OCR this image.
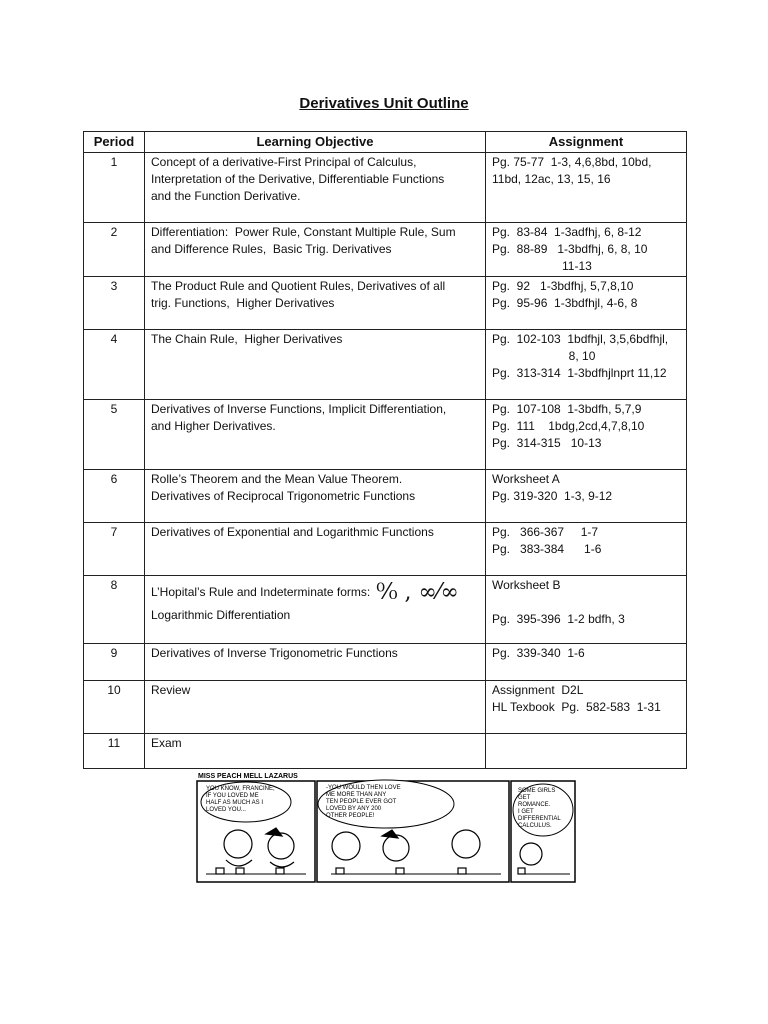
Derivatives Unit Outline
Period	Learning Objective	Assignment
1	Concept of a derivative-First Principal of Calculus,
Interpretation of the Derivative, Differentiable Functions
and the Function Derivative.	Pg. 75-77  1-3, 4,6,8bd, 10bd,
11bd, 12ac, 13, 15, 16

2	Differentiation:  Power Rule, Constant Multiple Rule, Sum
and Difference Rules,  Basic Trig. Derivatives	Pg.  83-84  1-3adfhj, 6, 8-12
Pg.  88-89   1-3bdfhj, 6, 8, 10
11-13

3	The Product Rule and Quotient Rules, Derivatives of all
trig. Functions,  Higher Derivatives	Pg.  92   1-3bdfhj, 5,7,8,10
Pg.  95-96  1-3bdfhjl, 4-6, 8

4	The Chain Rule,  Higher Derivatives	Pg.  102-103  1bdfhjl, 3,5,6bdfhjl,
8, 10
Pg.  313-314  1-3bdfhjlnprt 11,12

5	Derivatives of Inverse Functions, Implicit Differentiation,
and Higher Derivatives.	Pg.  107-108  1-3bdfh, 5,7,9
Pg.  111    1bdg,2cd,4,7,8,10
Pg.  314-315   10-13

6	Rolle’s Theorem and the Mean Value Theorem.
Derivatives of Reciprocal Trigonometric Functions	Worksheet A
Pg. 319-320  1-3, 9-12

7	Derivatives of Exponential and Logarithmic Functions	Pg.   366-367     1-7
Pg.   383-384      1-6

8	L’Hopital’s Rule and Indeterminate forms: ⁰⁄₀ , ∞⁄∞

Logarithmic Differentiation	Worksheet B
Pg.  395-396  1-2 bdfh, 3

9	Derivatives of Inverse Trigonometric Functions	Pg.  339-340  1-6

10	Review	Assignment  D2L
HL Texbook  Pg.  582-583  1-31

11	Exam	

MISS PEACH MELL LAZARUS
YOU KNOW, FRANCINE,
IF YOU LOVED ME
HALF AS MUCH AS I
LOVED YOU...
-YOU WOULD THEN LOVE
ME MORE THAN ANY
TEN PEOPLE EVER GOT
LOVED BY ANY 200
OTHER PEOPLE!
SOME GIRLS
GET
ROMANCE.
I GET
DIFFERENTIAL
CALCULUS.
